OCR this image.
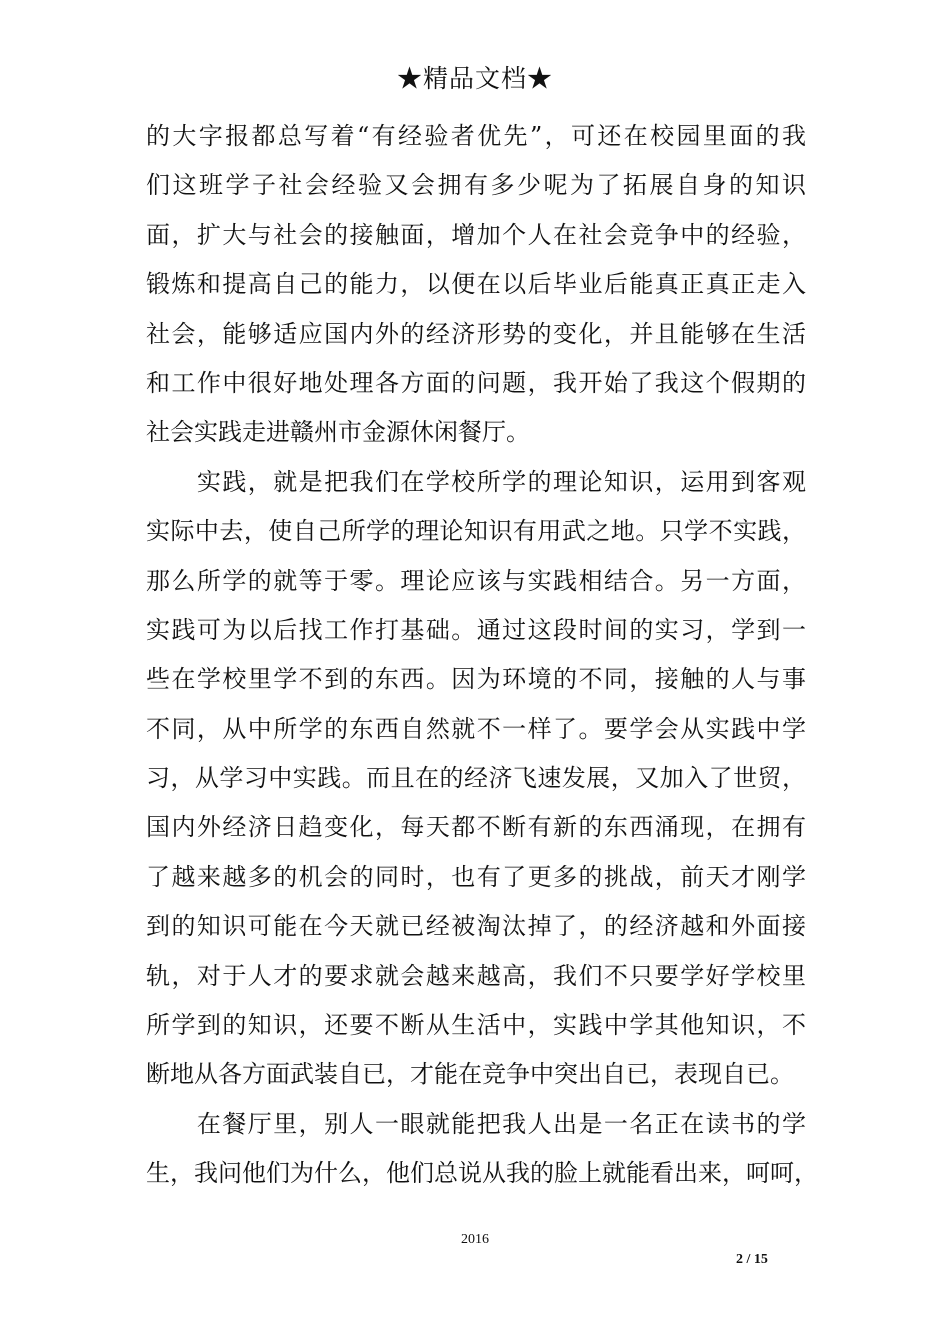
★精品文档★
的大字报都总写着“有经验者优先”，可还在校园里面的我
们这班学子社会经验又会拥有多少呢为了拓展自身的知识
面，扩大与社会的接触面，增加个人在社会竞争中的经验，
锻炼和提高自己的能力，以便在以后毕业后能真正真正走入
社会，能够适应国内外的经济形势的变化，并且能够在生活
和工作中很好地处理各方面的问题，我开始了我这个假期的
社会实践走进赣州市金源休闲餐厅。
　　实践，就是把我们在学校所学的理论知识，运用到客观
实际中去，使自己所学的理论知识有用武之地。只学不实践，
那么所学的就等于零。理论应该与实践相结合。另一方面，
实践可为以后找工作打基础。通过这段时间的实习，学到一
些在学校里学不到的东西。因为环境的不同，接触的人与事
不同，从中所学的东西自然就不一样了。要学会从实践中学
习，从学习中实践。而且在的经济飞速发展，又加入了世贸，
国内外经济日趋变化，每天都不断有新的东西涌现，在拥有
了越来越多的机会的同时，也有了更多的挑战，前天才刚学
到的知识可能在今天就已经被淘汰掉了，的经济越和外面接
轨，对于人才的要求就会越来越高，我们不只要学好学校里
所学到的知识，还要不断从生活中，实践中学其他知识，不
断地从各方面武装自已，才能在竞争中突出自已，表现自已。
　　在餐厅里，别人一眼就能把我人出是一名正在读书的学
生，我问他们为什么，他们总说从我的脸上就能看出来，呵呵，
2016
2 / 15
